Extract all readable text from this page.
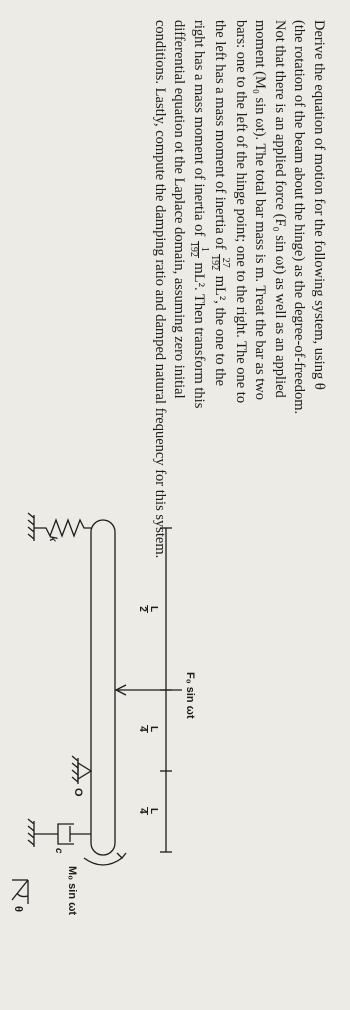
Derive the equation of motion for the following system, using θ
(the rotation of the beam about the hinge) as the degree-of-freedom.
Not that there is an applied force (F₀ sin ωt) as well as an applied
moment (M₀ sin ωt). The total bar mass is m. Treat the bar as two
bars: one to the left of the hinge point; one to the right. The one to
the left has a mass moment of inertia of
27
192
mL², the one to the
right has a mass moment of inertia of
1
192
mL². Then transform this
differential equation ot the Laplace domain, assuming zero initial
conditions. Lastly, compute the damping ratio and damped natural frequency for this system.
F₀ sin ωt
L
2
L
4
L
4
k
O
c
M₀ sin ωt
θ
